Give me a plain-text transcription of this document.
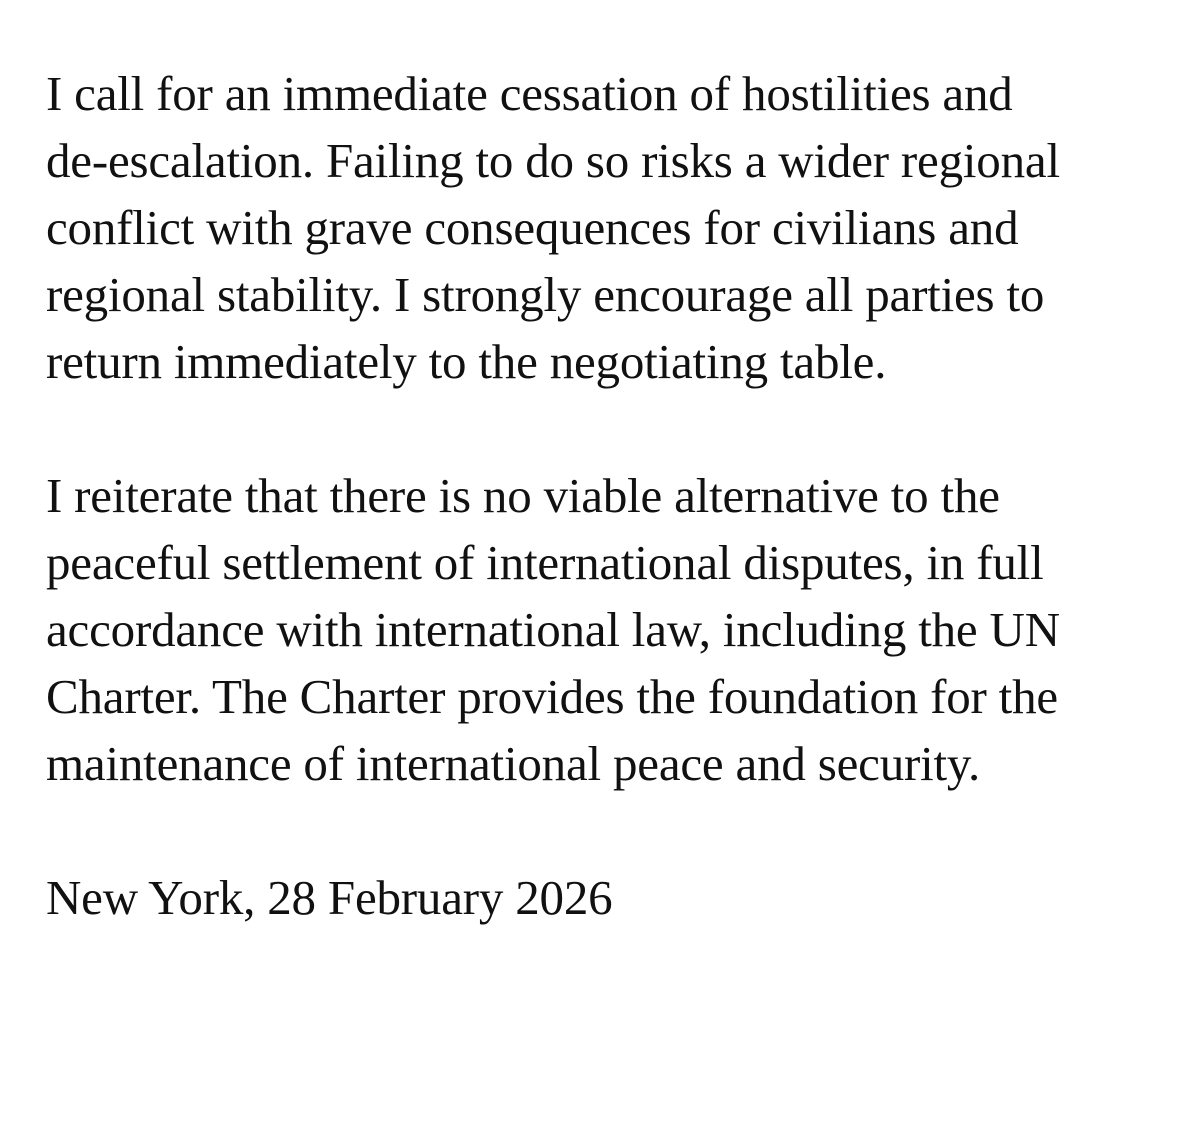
I call for an immediate cessation of hostilities and
de-escalation. Failing to do so risks a wider regional
conflict with grave consequences for civilians and
regional stability. I strongly encourage all parties to
return immediately to the negotiating table.

I reiterate that there is no viable alternative to the
peaceful settlement of international disputes, in full
accordance with international law, including the UN
Charter. The Charter provides the foundation for the
maintenance of international peace and security.

New York, 28 February 2026
